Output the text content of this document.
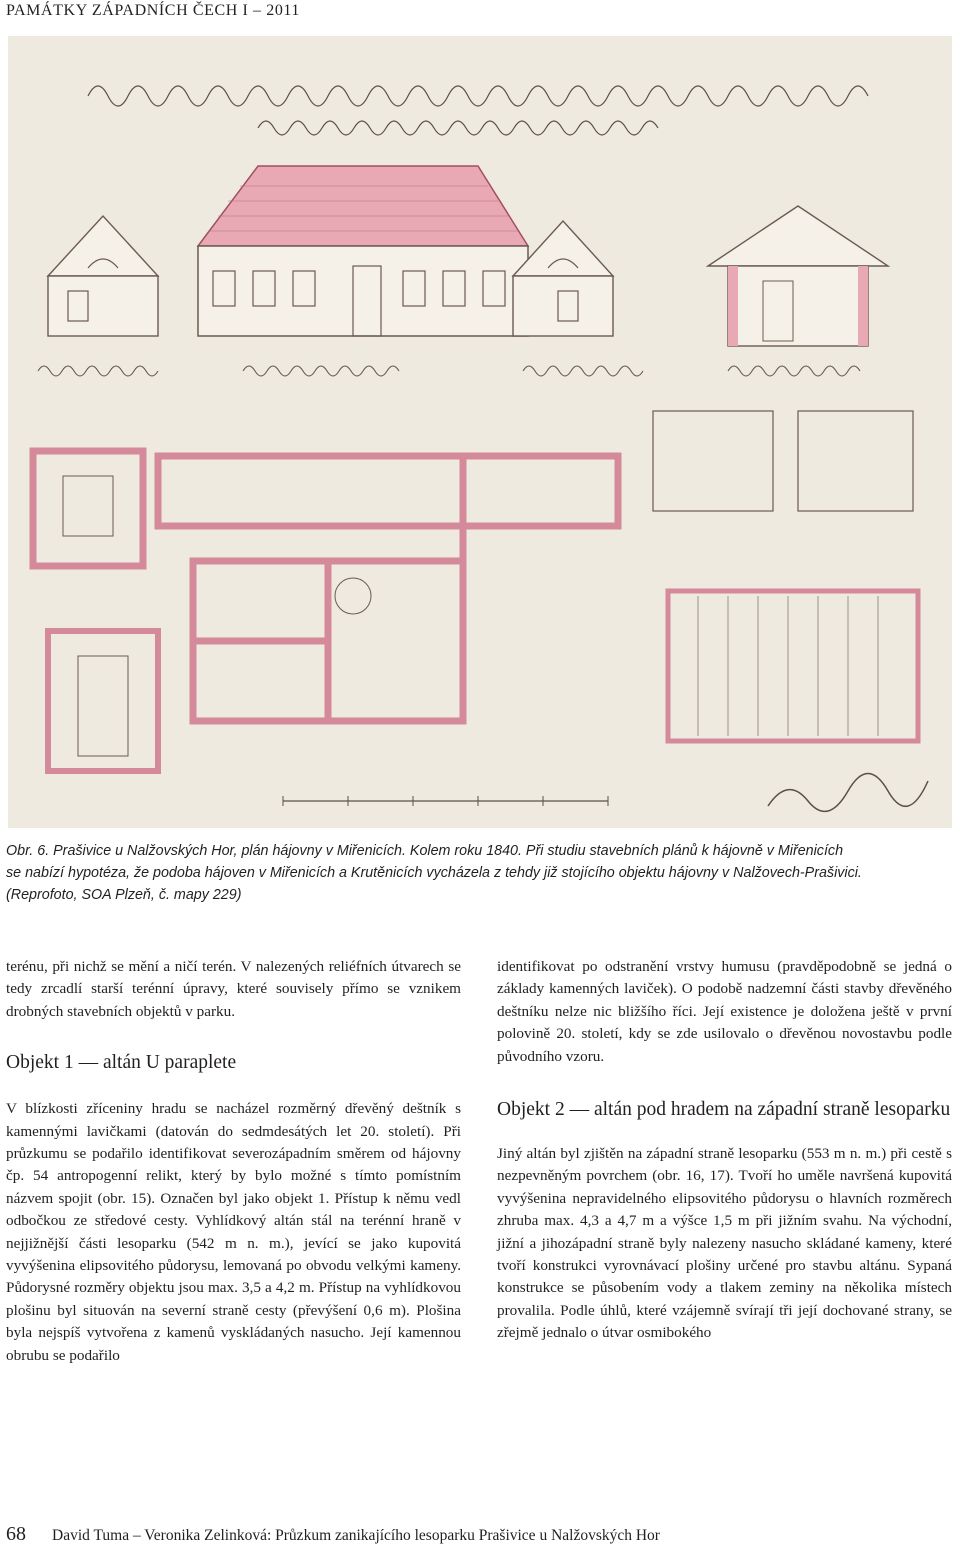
PAMÁTKY ZÁPADNÍCH ČECH I – 2011
Obr. 6. Prašivice u Nalžovských Hor, plán hájovny v Miřenicích. Kolem roku 1840. Při studiu stavebních plánů k hájovně v Miřenicích
se nabízí hypotéza, že podoba hájoven v Miřenicích a Krutěnicích vycházela z tehdy již stojícího objektu hájovny v Nalžovech-Prašivici.
(Reprofoto, SOA Plzeň, č. mapy 229)

terénu, při nichž se mění a ničí terén. V nalezených reliéfních útvarech se tedy zrcadlí starší terénní úpravy, které souvisely přímo se vznikem drobných stavebních objektů v parku.

Objekt 1 — altán U paraplete

V blízkosti zříceniny hradu se nacházel rozměrný dřevěný deštník s kamennými lavičkami (datován do sedmdesátých let 20. století). Při průzkumu se podařilo identifikovat severozápadním směrem od hájovny čp. 54 antropogenní relikt, který by bylo možné s tímto pomístním názvem spojit (obr. 15). Označen byl jako objekt 1. Přístup k němu vedl odbočkou ze středové cesty. Vyhlídkový altán stál na terénní hraně v nejjižnější části lesoparku (542 m n. m.), jevící se jako kupovitá vyvýšenina elipsovitého půdorysu, lemovaná po obvodu velkými kameny. Půdorysné rozměry objektu jsou max. 3,5 a 4,2 m. Přístup na vyhlídkovou plošinu byl situován na severní straně cesty (převýšení 0,6 m). Plošina byla nejspíš vytvořena z kamenů vyskládaných nasucho. Její kamennou obrubu se podařilo

identifikovat po odstranění vrstvy humusu (pravděpodobně se jedná o základy kamenných laviček). O podobě nadzemní části stavby dřevěného deštníku nelze nic bližšího říci. Její existence je doložena ještě v první polovině 20. století, kdy se zde usilovalo o dřevěnou novostavbu podle původního vzoru.

Objekt 2 — altán pod hradem na západní straně lesoparku

Jiný altán byl zjištěn na západní straně lesoparku (553 m n. m.) při cestě s nezpevněným povrchem (obr. 16, 17). Tvoří ho uměle navršená kupovitá vyvýšenina nepravidelného elipsovitého půdorysu o hlavních rozměrech zhruba max. 4,3 a 4,7 m a výšce 1,5 m při jižním svahu. Na východní, jižní a jihozápadní straně byly nalezeny nasucho skládané kameny, které tvoří konstrukci vyrovnávací plošiny určené pro stavbu altánu. Sypaná konstrukce se působením vody a tlakem zeminy na několika místech provalila. Podle úhlů, které vzájemně svírají tři její dochované strany, se zřejmě jednalo o útvar osmibokého

68 David Tuma – Veronika Zelinková: Průzkum zanikajícího lesoparku Prašivice u Nalžovských Hor
